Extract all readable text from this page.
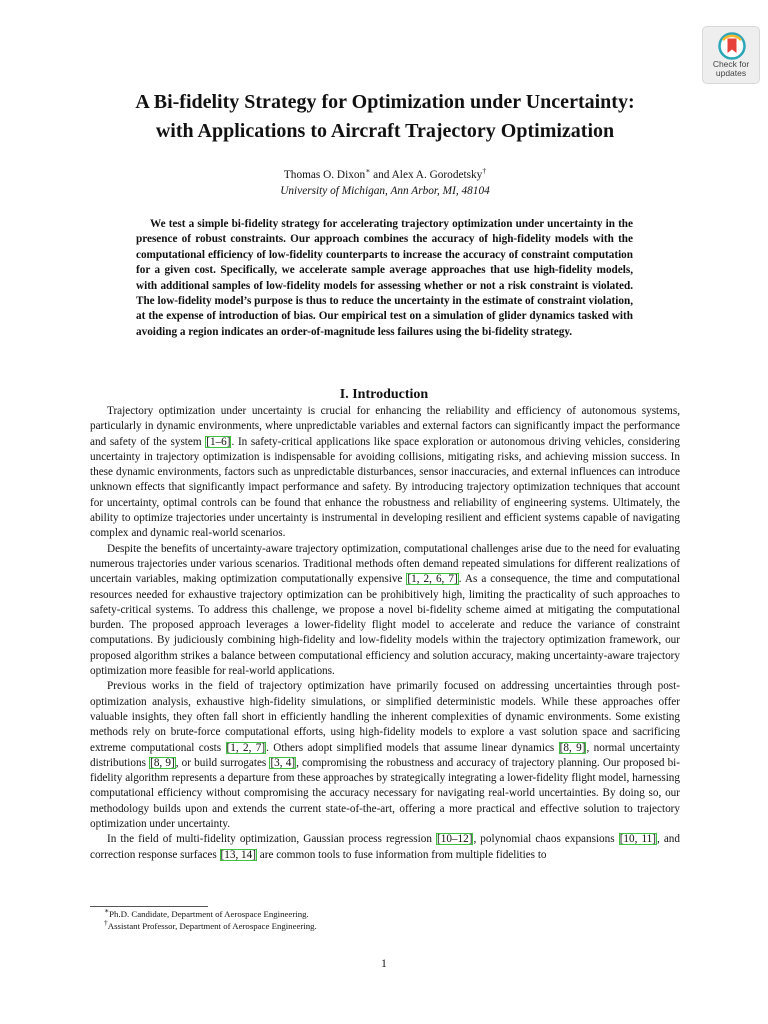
Check for
updates
A Bi-fidelity Strategy for Optimization under Uncertainty:
with Applications to Aircraft Trajectory Optimization
Thomas O. Dixon∗ and Alex A. Gorodetsky†
University of Michigan, Ann Arbor, MI, 48104

We test a simple bi-fidelity strategy for accelerating trajectory optimization under uncertainty in the presence of robust constraints. Our approach combines the accuracy of high-fidelity models with the computational efficiency of low-fidelity counterparts to increase the accuracy of constraint computation for a given cost. Specifically, we accelerate sample average approaches that use high-fidelity models, with additional samples of low-fidelity models for assessing whether or not a risk constraint is violated. The low-fidelity model’s purpose is thus to reduce the uncertainty in the estimate of constraint violation, at the expense of introduction of bias. Our empirical test on a simulation of glider dynamics tasked with avoiding a region indicates an order-of-magnitude less failures using the bi-fidelity strategy.

I. Introduction

Trajectory optimization under uncertainty is crucial for enhancing the reliability and efficiency of autonomous systems, particularly in dynamic environments, where unpredictable variables and external factors can significantly impact the performance and safety of the system [1–6]. In safety-critical applications like space exploration or autonomous driving vehicles, considering uncertainty in trajectory optimization is indispensable for avoiding collisions, mitigating risks, and achieving mission success. In these dynamic environments, factors such as unpredictable disturbances, sensor inaccuracies, and external influences can introduce unknown effects that significantly impact performance and safety. By introducing trajectory optimization techniques that account for uncertainty, optimal controls can be found that enhance the robustness and reliability of engineering systems. Ultimately, the ability to optimize trajectories under uncertainty is instrumental in developing resilient and efficient systems capable of navigating complex and dynamic real-world scenarios.

Despite the benefits of uncertainty-aware trajectory optimization, computational challenges arise due to the need for evaluating numerous trajectories under various scenarios. Traditional methods often demand repeated simulations for different realizations of uncertain variables, making optimization computationally expensive [1, 2, 6, 7]. As a consequence, the time and computational resources needed for exhaustive trajectory optimization can be prohibitively high, limiting the practicality of such approaches to safety-critical systems. To address this challenge, we propose a novel bi-fidelity scheme aimed at mitigating the computational burden. The proposed approach leverages a lower-fidelity flight model to accelerate and reduce the variance of constraint computations. By judiciously combining high-fidelity and low-fidelity models within the trajectory optimization framework, our proposed algorithm strikes a balance between computational efficiency and solution accuracy, making uncertainty-aware trajectory optimization more feasible for real-world applications.

Previous works in the field of trajectory optimization have primarily focused on addressing uncertainties through post-optimization analysis, exhaustive high-fidelity simulations, or simplified deterministic models. While these approaches offer valuable insights, they often fall short in efficiently handling the inherent complexities of dynamic environments. Some existing methods rely on brute-force computational efforts, using high-fidelity models to explore a vast solution space and sacrificing extreme computational costs [1, 2, 7]. Others adopt simplified models that assume linear dynamics [8, 9], normal uncertainty distributions [8, 9], or build surrogates [3, 4], compromising the robustness and accuracy of trajectory planning. Our proposed bi-fidelity algorithm represents a departure from these approaches by strategically integrating a lower-fidelity flight model, harnessing computational efficiency without compromising the accuracy necessary for navigating real-world uncertainties. By doing so, our methodology builds upon and extends the current state-of-the-art, offering a more practical and effective solution to trajectory optimization under uncertainty.

In the field of multi-fidelity optimization, Gaussian process regression [10–12], polynomial chaos expansions [10, 11], and correction response surfaces [13, 14] are common tools to fuse information from multiple fidelities to

∗Ph.D. Candidate, Department of Aerospace Engineering.
†Assistant Professor, Department of Aerospace Engineering.
1
